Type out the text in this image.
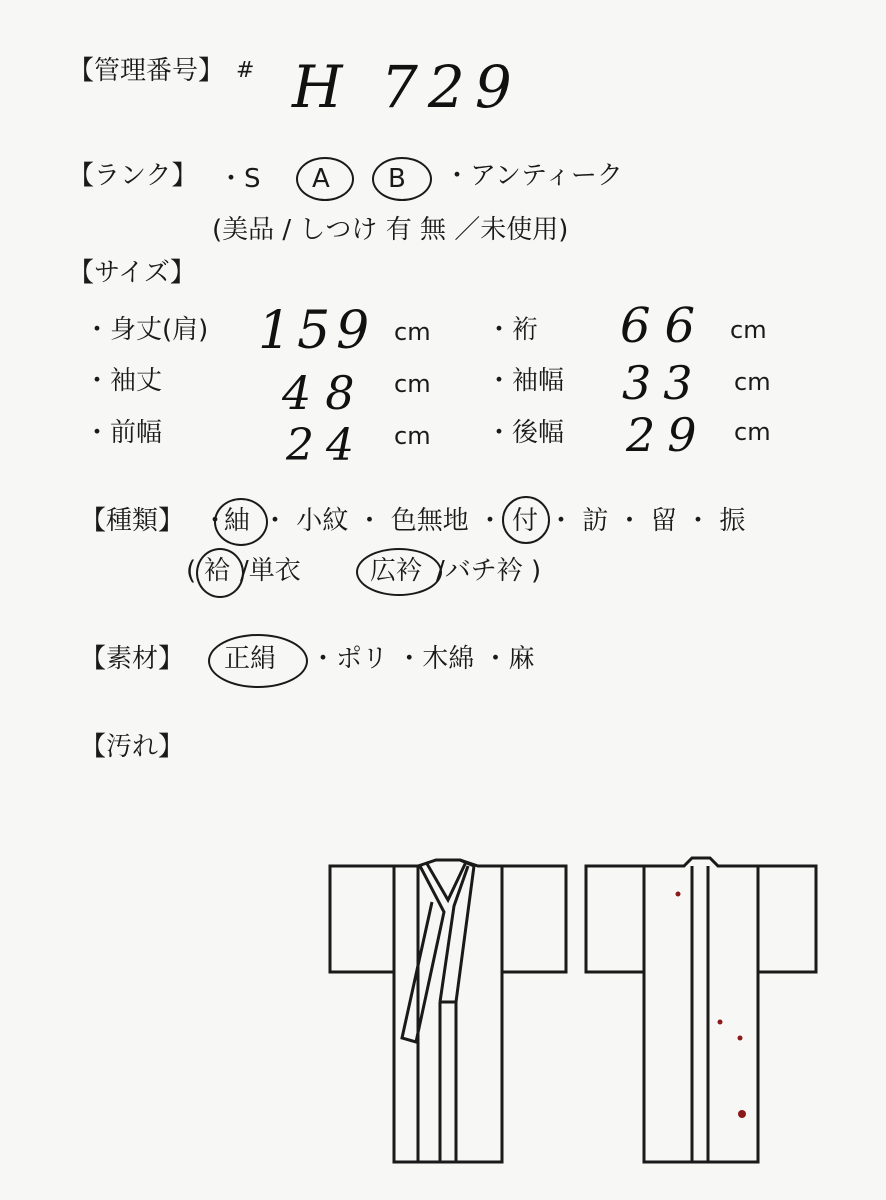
【管理番号】 # H 729
【ランク】 ・S A B ・アンティーク
(美品 / しつけ 有 無 ／未使用)
【サイズ】
・身丈(肩) 159 cm ・裄 66 cm
・袖丈	48 cm ・袖幅 33 cm
・前幅	24 cm ・後幅 29 cm
【種類】 ・
紬 ・ 小紋 ・ 色無地 ・ 付 ・ 訪 ・ 留 ・ 振
( 袷 /単衣	広衿 /バチ衿 )
【素材】 正絹 ・ポリ ・木綿 ・麻
【汚れ】
